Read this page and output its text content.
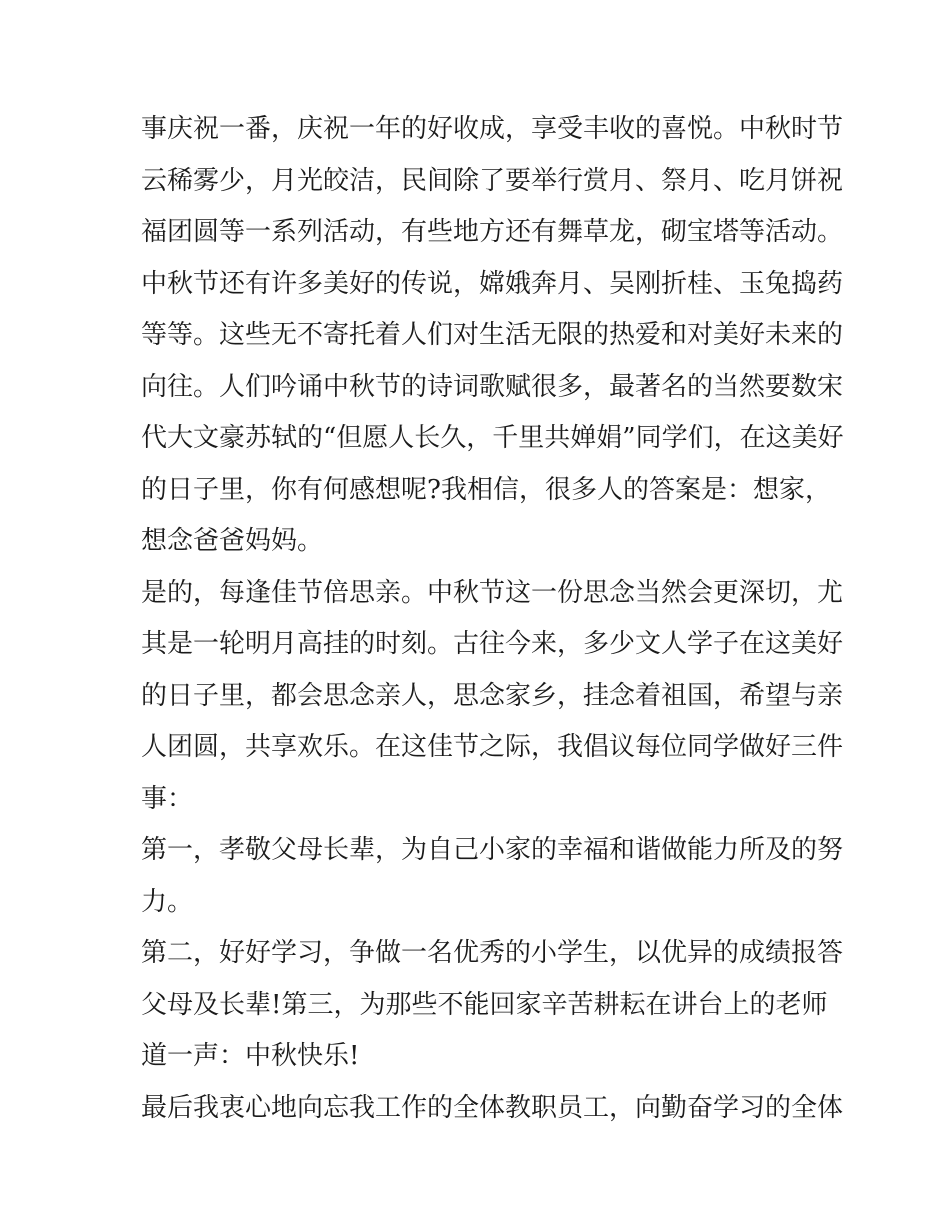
事庆祝一番，庆祝一年的好收成，享受丰收的喜悦。中秋时节
云稀雾少，月光皎洁，民间除了要举行赏月、祭月、吃月饼祝
福团圆等一系列活动，有些地方还有舞草龙，砌宝塔等活动。
中秋节还有许多美好的传说，嫦娥奔月、吴刚折桂、玉兔捣药
等等。这些无不寄托着人们对生活无限的热爱和对美好未来的
向往。人们吟诵中秋节的诗词歌赋很多，最著名的当然要数宋
代大文豪苏轼的“但愿人长久，千里共婵娟”同学们，在这美好
的日子里，你有何感想呢?我相信，很多人的答案是：想家，
想念爸爸妈妈。
是的，每逢佳节倍思亲。中秋节这一份思念当然会更深切，尤
其是一轮明月高挂的时刻。古往今来，多少文人学子在这美好
的日子里，都会思念亲人，思念家乡，挂念着祖国，希望与亲
人团圆，共享欢乐。在这佳节之际，我倡议每位同学做好三件
事：
第一，孝敬父母长辈，为自己小家的幸福和谐做能力所及的努
力。
第二，好好学习，争做一名优秀的小学生，以优异的成绩报答
父母及长辈!第三，为那些不能回家辛苦耕耘在讲台上的老师
道一声：中秋快乐!
最后我衷心地向忘我工作的全体教职员工，向勤奋学习的全体
